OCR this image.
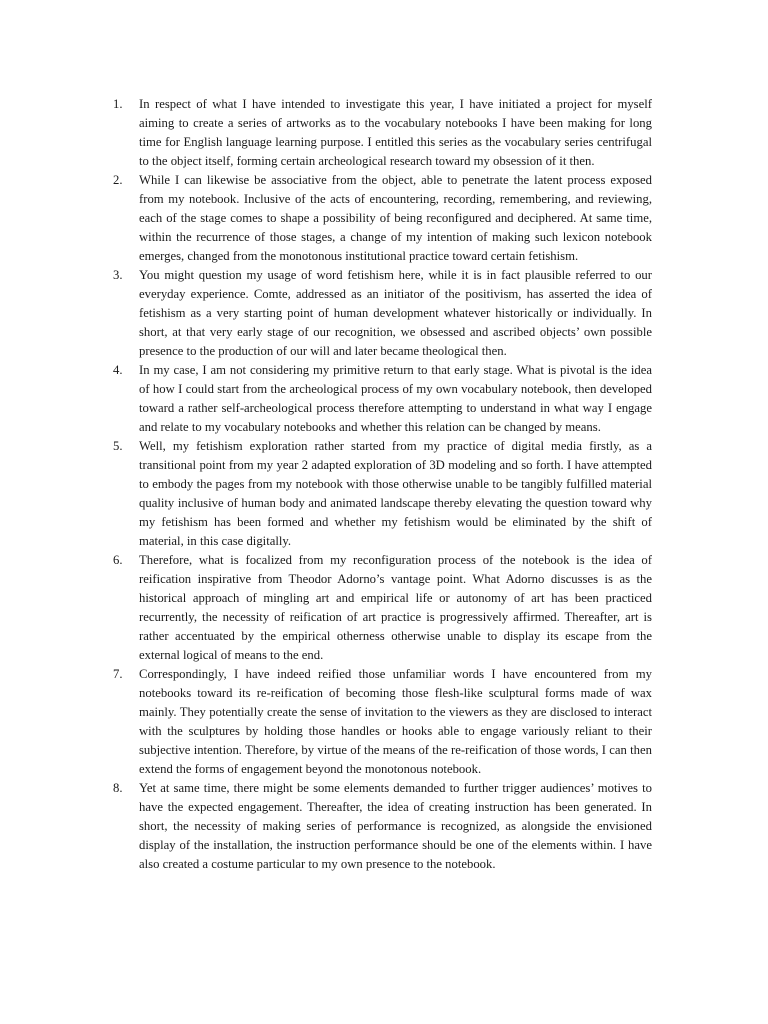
1.	In respect of what I have intended to investigate this year, I have initiated a project for myself aiming to create a series of artworks as to the vocabulary notebooks I have been making for long time for English language learning purpose. I entitled this series as the vocabulary series centrifugal to the object itself, forming certain archeological research toward my obsession of it then.
2.	While I can likewise be associative from the object, able to penetrate the latent process exposed from my notebook. Inclusive of the acts of encountering, recording, remembering, and reviewing, each of the stage comes to shape a possibility of being reconfigured and deciphered. At same time, within the recurrence of those stages, a change of my intention of making such lexicon notebook emerges, changed from the monotonous institutional practice toward certain fetishism.
3.	You might question my usage of word fetishism here, while it is in fact plausible referred to our everyday experience. Comte, addressed as an initiator of the positivism, has asserted the idea of fetishism as a very starting point of human development whatever historically or individually. In short, at that very early stage of our recognition, we obsessed and ascribed objects’ own possible presence to the production of our will and later became theological then.
4.	In my case, I am not considering my primitive return to that early stage. What is pivotal is the idea of how I could start from the archeological process of my own vocabulary notebook, then developed toward a rather self-archeological process therefore attempting to understand in what way I engage and relate to my vocabulary notebooks and whether this relation can be changed by means.
5.	Well, my fetishism exploration rather started from my practice of digital media firstly, as a transitional point from my year 2 adapted exploration of 3D modeling and so forth. I have attempted to embody the pages from my notebook with those otherwise unable to be tangibly fulfilled material quality inclusive of human body and animated landscape thereby elevating the question toward why my fetishism has been formed and whether my fetishism would be eliminated by the shift of material, in this case digitally.
6.	Therefore, what is focalized from my reconfiguration process of the notebook is the idea of reification inspirative from Theodor Adorno’s vantage point. What Adorno discusses is as the historical approach of mingling art and empirical life or autonomy of art has been practiced recurrently, the necessity of reification of art practice is progressively affirmed. Thereafter, art is rather accentuated by the empirical otherness otherwise unable to display its escape from the external logical of means to the end.
7.	Correspondingly, I have indeed reified those unfamiliar words I have encountered from my notebooks toward its re-reification of becoming those flesh-like sculptural forms made of wax mainly. They potentially create the sense of invitation to the viewers as they are disclosed to interact with the sculptures by holding those handles or hooks able to engage variously reliant to their subjective intention. Therefore, by virtue of the means of the re-reification of those words, I can then extend the forms of engagement beyond the monotonous notebook.
8.	Yet at same time, there might be some elements demanded to further trigger audiences’ motives to have the expected engagement. Thereafter, the idea of creating instruction has been generated. In short, the necessity of making series of performance is recognized, as alongside the envisioned display of the installation, the instruction performance should be one of the elements within. I have also created a costume particular to my own presence to the notebook.
